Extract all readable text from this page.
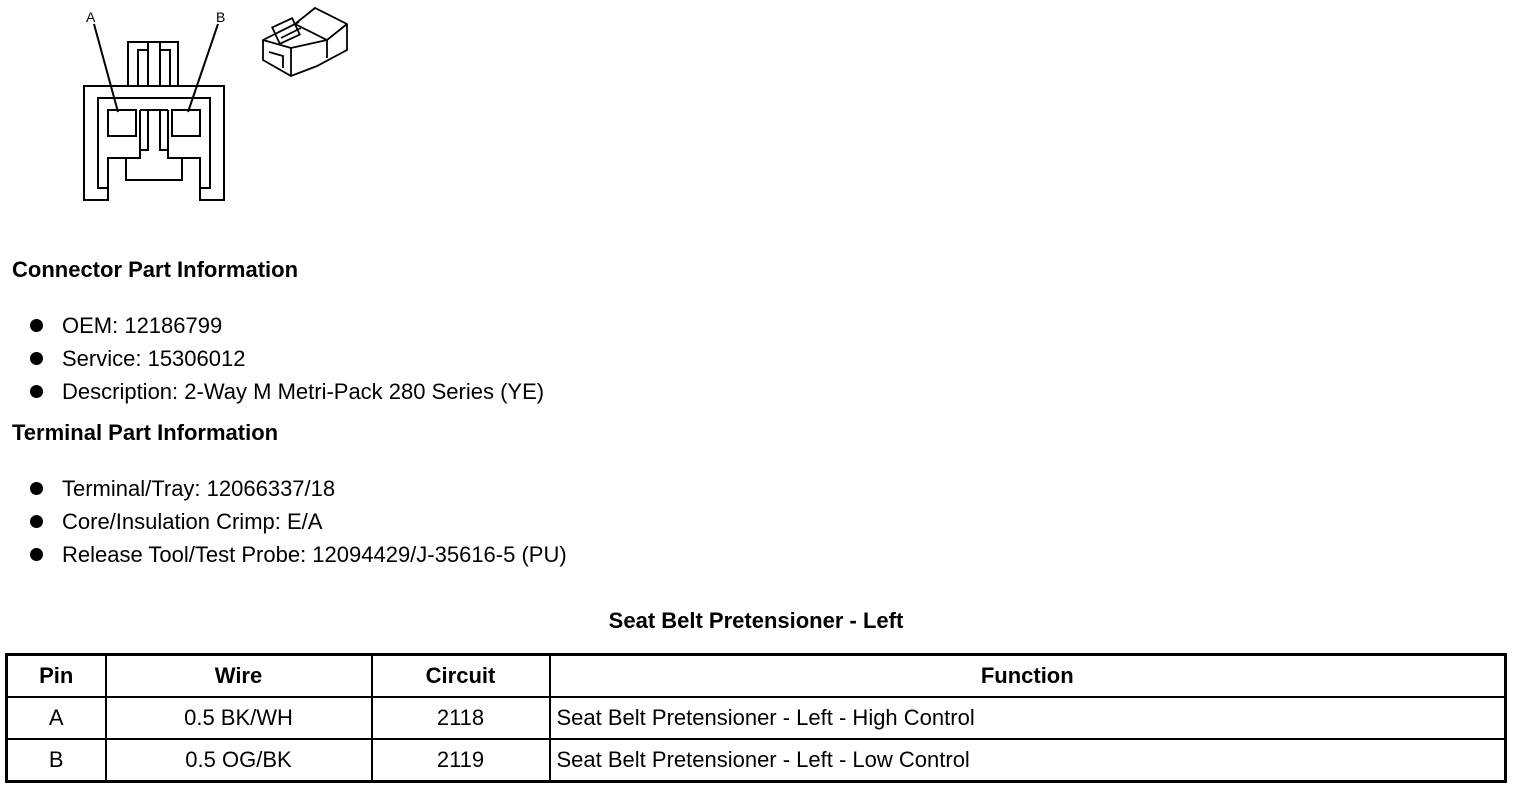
A	B
Connector Part Information
OEM: 12186799
Service: 15306012
Description: 2-Way M Metri-Pack 280 Series (YE)
Terminal Part Information
Terminal/Tray: 12066337/18
Core/Insulation Crimp: E/A
Release Tool/Test Probe: 12094429/J-35616-5 (PU)
Seat Belt Pretensioner - Left
Pin	Wire	Circuit	Function
A	0.5 BK/WH	2118	Seat Belt Pretensioner - Left - High Control
B	0.5 OG/BK	2119	Seat Belt Pretensioner - Left - Low Control
